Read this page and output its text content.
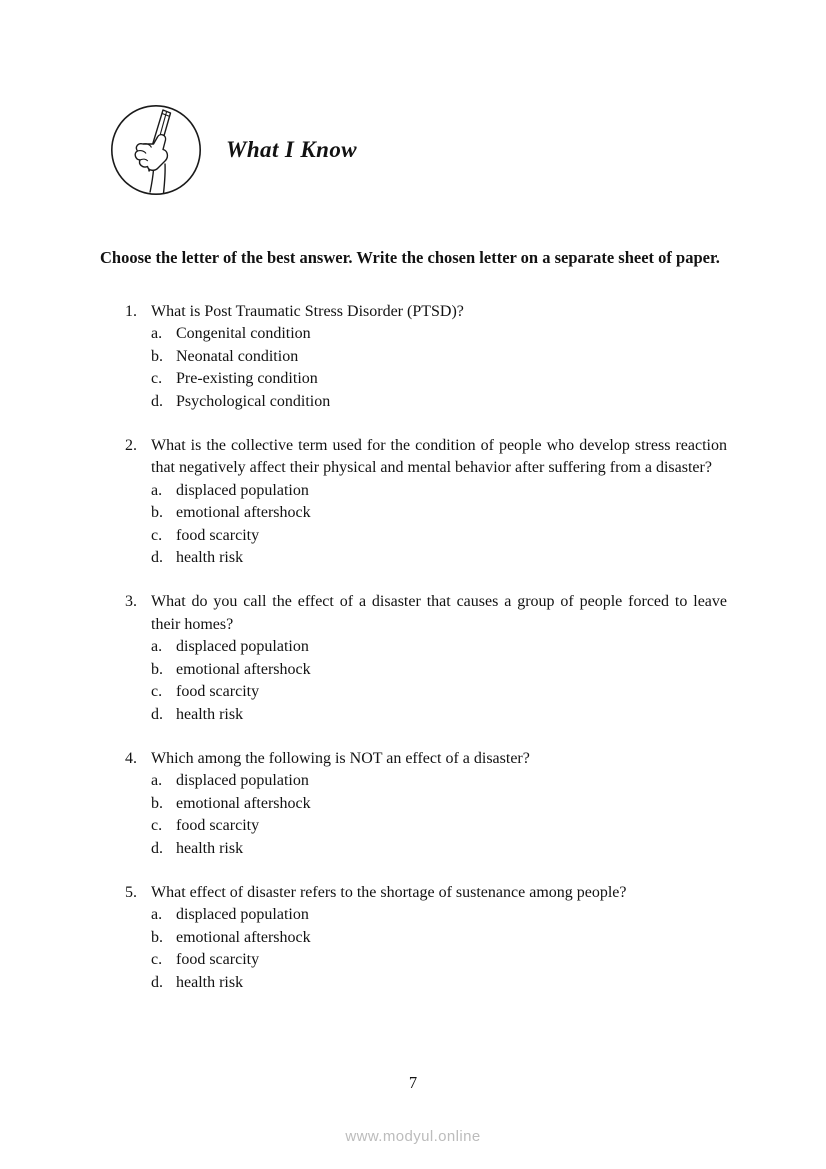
What I Know
Choose the letter of the best answer. Write the chosen letter on a separate sheet of paper.
1. What is Post Traumatic Stress Disorder (PTSD)?
a. Congenital condition
b. Neonatal condition
c. Pre-existing condition
d. Psychological condition
2. What is the collective term used for the condition of people who develop stress reaction that negatively affect their physical and mental behavior after suffering from a disaster?
a. displaced population
b. emotional aftershock
c. food scarcity
d. health risk
3. What do you call the effect of a disaster that causes a group of people forced to leave their homes?
a. displaced population
b. emotional aftershock
c. food scarcity
d. health risk
4. Which among the following is NOT an effect of a disaster?
a. displaced population
b. emotional aftershock
c. food scarcity
d. health risk
5. What effect of disaster refers to the shortage of sustenance among people?
a. displaced population
b. emotional aftershock
c. food scarcity
d. health risk
7
www.modyul.online
